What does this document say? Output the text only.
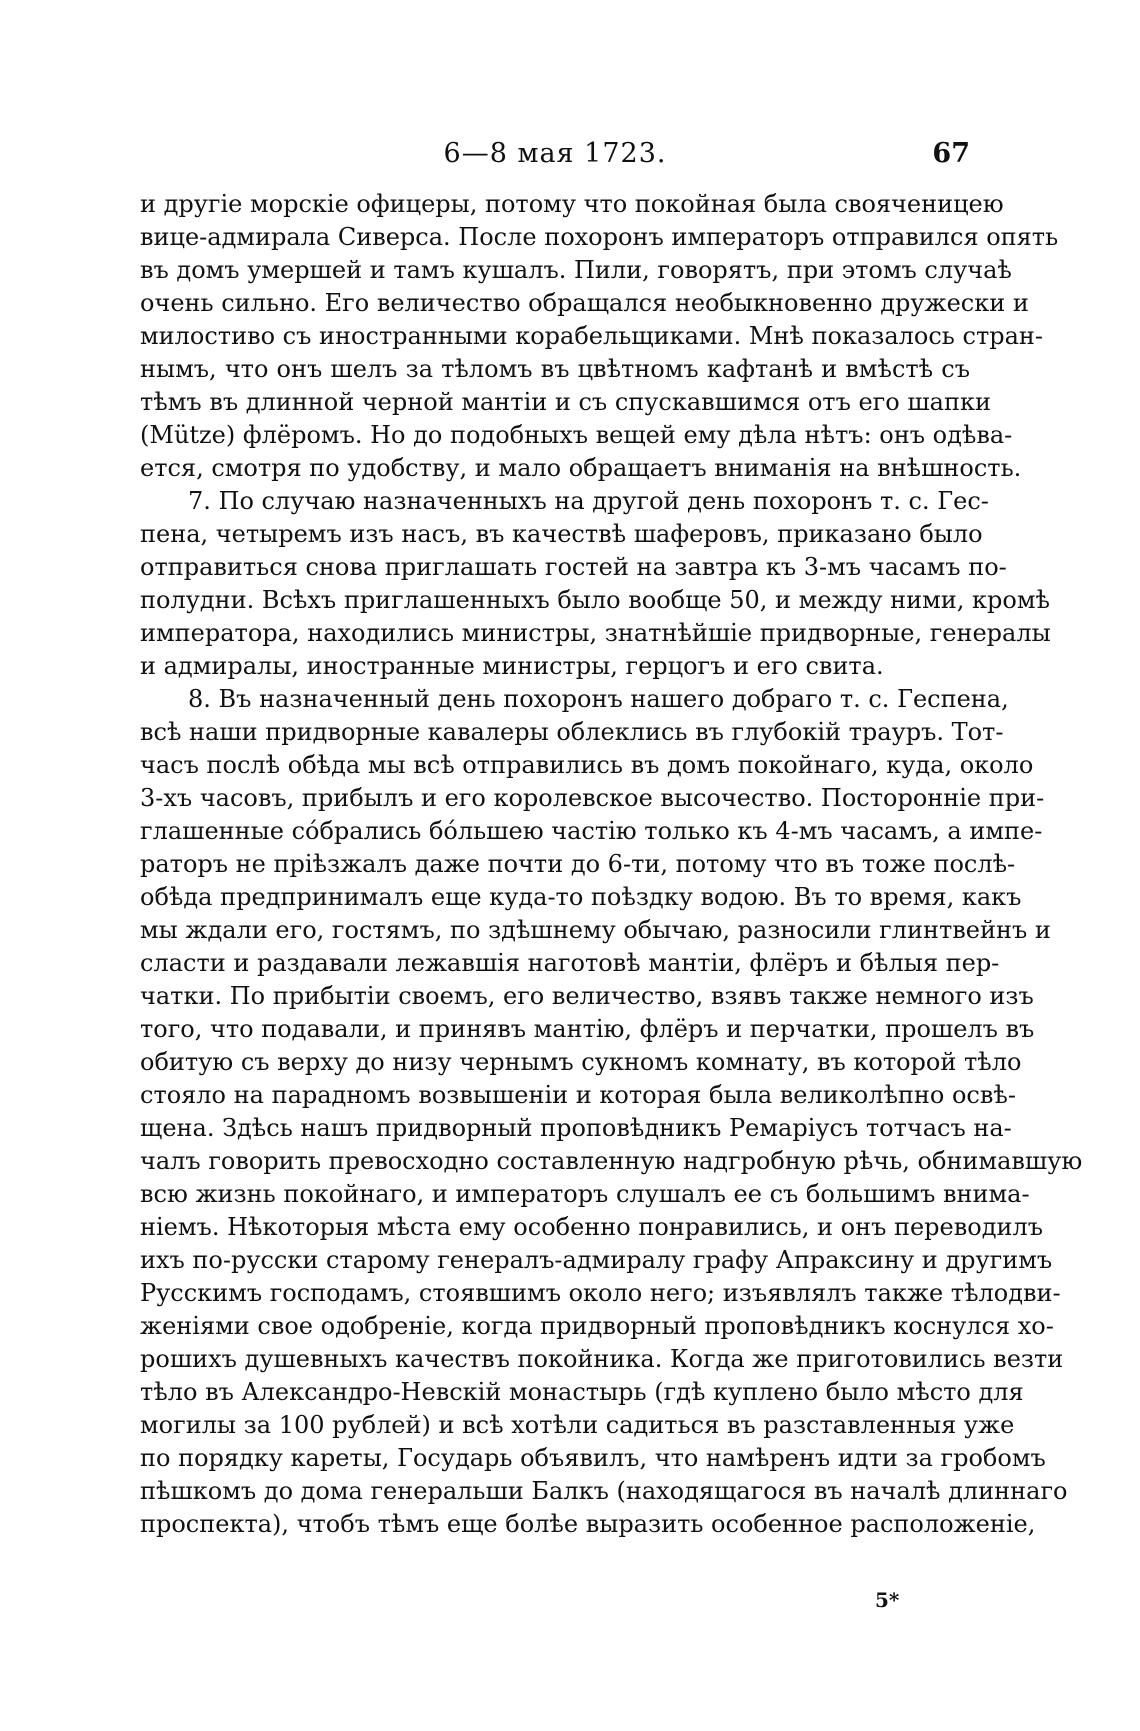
6—8 мая 1723.	67
и другіе морскіе офицеры, потому что покойная была свояченицею
вице-адмирала Сиверса. После похоронъ императоръ отправился опять
въ домъ умершей и тамъ кушалъ. Пили, говорятъ, при этомъ случаѣ
очень сильно. Его величество обращался необыкновенно дружески и
милостиво съ иностранными корабельщиками. Мнѣ показалось стран-
нымъ, что онъ шелъ за тѣломъ въ цвѣтномъ кафтанѣ и вмѣстѣ съ
тѣмъ въ длинной черной мантіи и съ спускавшимся отъ его шапки
(Mütze) флёромъ. Но до подобныхъ вещей ему дѣла нѣтъ: онъ одѣва-
ется, смотря по удобству, и мало обращаетъ вниманія на внѣшность.
7. По случаю назначенныхъ на другой день похоронъ т. с. Гес-
пена, четыремъ изъ насъ, въ качествѣ шаферовъ, приказано было
отправиться снова приглашать гостей на завтра къ 3-мъ часамъ по-
полудни. Всѣхъ приглашенныхъ было вообще 50, и между ними, кромѣ
императора, находились министры, знатнѣйшіе придворные, генералы
и адмиралы, иностранные министры, герцогъ и его свита.
8. Въ назначенный день похоронъ нашего добраго т. с. Геспена,
всѣ наши придворные кавалеры облеклись въ глубокій трауръ. Тот-
часъ послѣ обѣда мы всѣ отправились въ домъ покойнаго, куда, около
3-хъ часовъ, прибылъ и его королевское высочество. Посторонніе при-
глашенные сóбрались бóльшею частію только къ 4-мъ часамъ, а импе-
раторъ не пріѣзжалъ даже почти до 6-ти, потому что въ тоже послѣ-
обѣда предпринималъ еще куда-то поѣздку водою. Въ то время, какъ
мы ждали его, гостямъ, по здѣшнему обычаю, разносили глинтвейнъ и
сласти и раздавали лежавшія наготовѣ мантіи, флёръ и бѣлыя пер-
чатки. По прибытіи своемъ, его величество, взявъ также немного изъ
того, что подавали, и принявъ мантію, флёръ и перчатки, прошелъ въ
обитую съ верху до низу чернымъ сукномъ комнату, въ которой тѣло
стояло на парадномъ возвышеніи и которая была великолѣпно освѣ-
щена. Здѣсь нашъ придворный проповѣдникъ Ремаріусъ тотчасъ на-
чалъ говорить превосходно составленную надгробную рѣчь, обнимавшую
всю жизнь покойнаго, и императоръ слушалъ ее съ большимъ внима-
ніемъ. Нѣкоторыя мѣста ему особенно понравились, и онъ переводилъ
ихъ по-русски старому генералъ-адмиралу графу Апраксину и другимъ
Русскимъ господамъ, стоявшимъ около него; изъявлялъ также тѣлодви-
женіями свое одобреніе, когда придворный проповѣдникъ коснулся хо-
рошихъ душевныхъ качествъ покойника. Когда же приготовились везти
тѣло въ Александро-Невскій монастырь (гдѣ куплено было мѣсто для
могилы за 100 рублей) и всѣ хотѣли садиться въ разставленныя уже
по порядку кареты, Государь объявилъ, что намѣренъ идти за гробомъ
пѣшкомъ до дома генеральши Балкъ (находящагося въ началѣ длиннаго
проспекта), чтобъ тѣмъ еще болѣе выразить особенное расположеніе,
5*
